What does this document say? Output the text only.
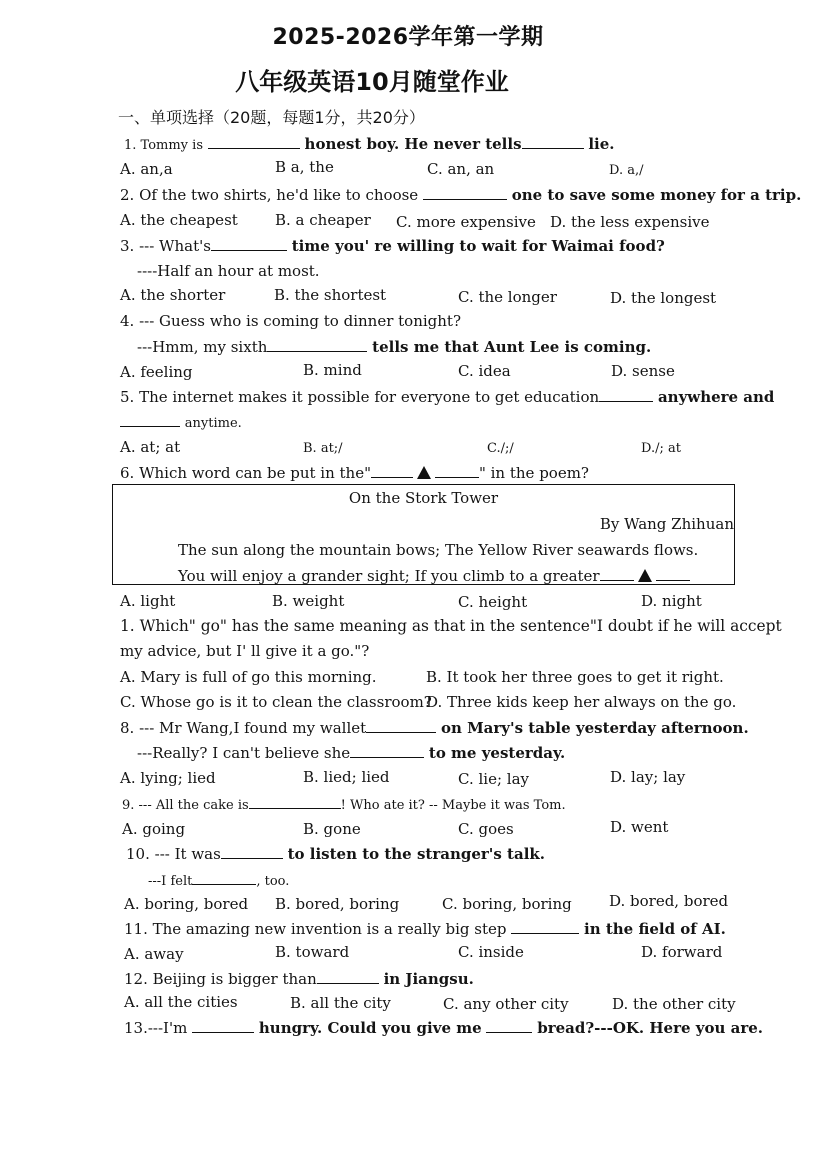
2025-2026学年第一学期
八年级英语10月随堂作业
一、单项选择（20题，每题1分，共20分）
1. Tommy is	honest boy. He never tells	lie.
A. an,a	B a, the	C. an, an	D. a,/
2. Of the two shirts, he'd like to choose	one to save some money for a trip.
A. the cheapest B. a cheaper C. more expensive D. the less expensive
3. --- What's	time you' re willing to wait for Waimai food?
----Half an hour at most.
A. the shorter	B. the shortest	C. the longer	D. the longest
4. --- Guess who is coming to dinner tonight?
---Hmm, my sixth	tells me that Aunt Lee is coming.
A. feeling	B. mind	C. idea	D. sense
5. The internet makes it possible for everyone to get education	anywhere and
anytime.
A. at; at	B. at;/	C./;/	D./; at
6. Which word can be put in the"	" in the poem?
On the Stork Tower
By Wang Zhihuan
The sun along the mountain bows; The Yellow River seawards flows.
You will enjoy a grander sight; If you climb to a greater
A. light	B. weight	C. height	D. night
1. Which" go" has the same meaning as that in the sentence"I doubt if he will accept
my advice, but I' ll give it a go."?
A. Mary is full of go this morning.	B. It took her three goes to get it right.
C. Whose go is it to clean the classroom?
D. Three kids keep her always on the go.
8. --- Mr Wang,I found my wallet	on Mary's table yesterday afternoon.
---Really? I can't believe she	to me yesterday.
A. lying; lied	B. lied; lied	C. lie; lay	D. lay; lay
9. --- All the cake is	! Who ate it? -- Maybe it was Tom.
A. going	B. gone	C. goes	D. went
10. --- It was	to listen to the stranger's talk.
---I felt	, too.
A. boring, bored B. bored, boring	C. boring, boring D. bored, bored
11. The amazing new invention is a really big step	in the field of AI.
A. away	B. toward	C. inside	D. forward
12. Beijing is bigger than	in Jiangsu.
A. all the cities	B. all the city	C. any other city	D. the other city
13.---I'm	hungry. Could you give me	bread?---OK. Here you are.
